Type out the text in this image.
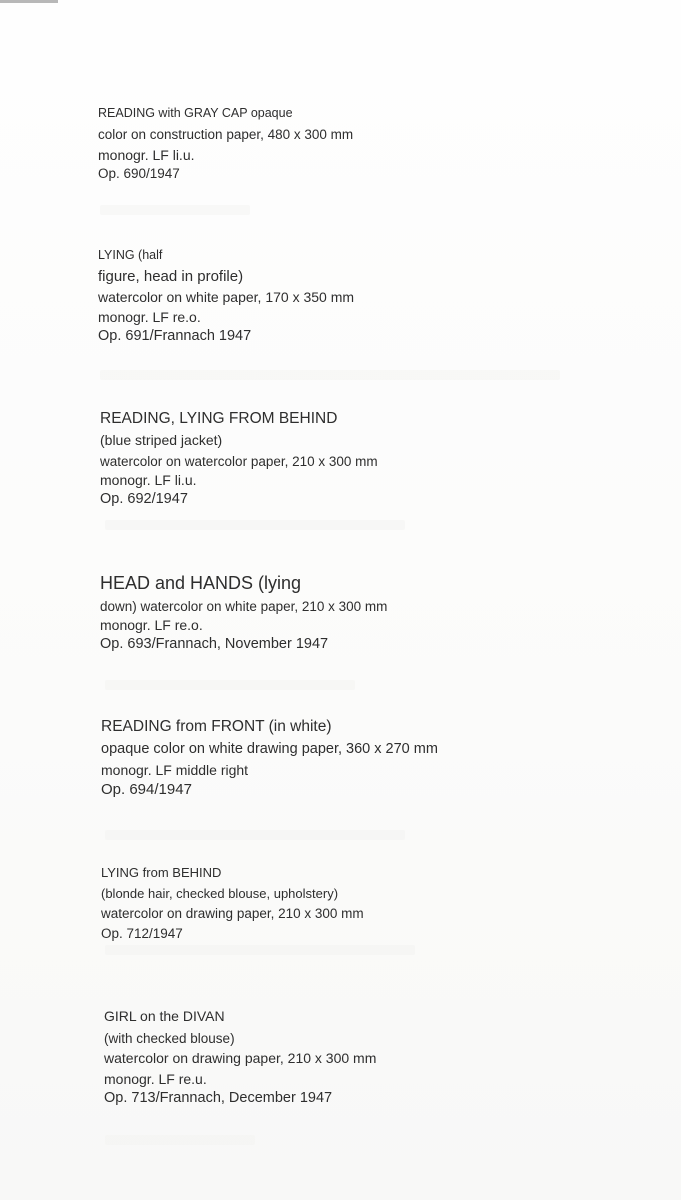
READING with GRAY CAP opaque
color on construction paper, 480 x 300 mm
monogr. LF li.u.
Op. 690/1947
LYING (half
figure, head in profile)
watercolor on white paper, 170 x 350 mm
monogr. LF re.o.
Op. 691/Frannach 1947
READING, LYING FROM BEHIND
(blue striped jacket)
watercolor on watercolor paper, 210 x 300 mm
monogr. LF li.u.
Op. 692/1947
HEAD and HANDS (lying
down) watercolor on white paper, 210 x 300 mm
monogr. LF re.o.
Op. 693/Frannach, November 1947
READING from FRONT (in white)
opaque color on white drawing paper, 360 x 270 mm
monogr. LF middle right
Op. 694/1947
LYING from BEHIND
(blonde hair, checked blouse, upholstery)
watercolor on drawing paper, 210 x 300 mm
Op. 712/1947
GIRL on the DIVAN
(with checked blouse)
watercolor on drawing paper, 210 x 300 mm
monogr. LF re.u.
Op. 713/Frannach, December 1947
